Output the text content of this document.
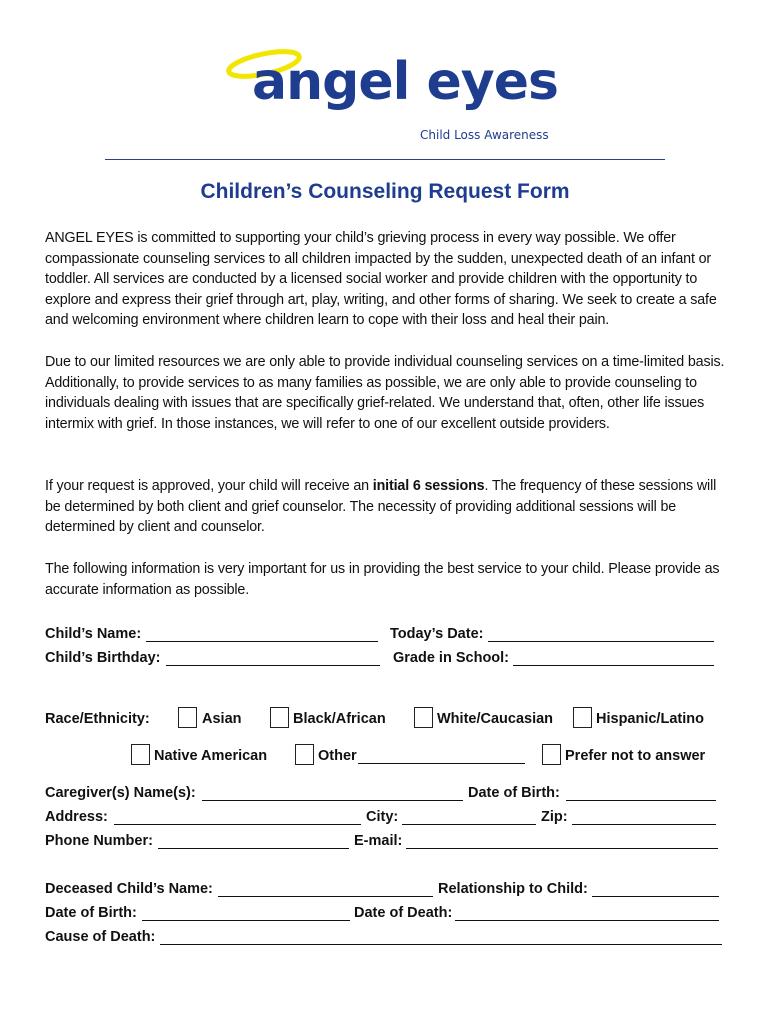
angel eyes
Child Loss Awareness
Children’s Counseling Request Form

ANGEL EYES is committed to supporting your child’s grieving process in every way possible. We offer compassionate counseling services to all children impacted by the sudden, unexpected death of an infant or toddler. All services are conducted by a licensed social worker and provide children with the opportunity to explore and express their grief through art, play, writing, and other forms of sharing. We seek to create a safe and welcoming environment where children learn to cope with their loss and heal their pain.

Due to our limited resources we are only able to provide individual counseling services on a time-limited basis. Additionally, to provide services to as many families as possible, we are only able to provide counseling to individuals dealing with issues that are specifically grief-related. We understand that, often, other life issues intermix with grief. In those instances, we will refer to one of our excellent outside providers.

If your request is approved, your child will receive an initial 6 sessions. The frequency of these sessions will be determined by both client and grief counselor. The necessity of providing additional sessions will be determined by client and counselor.

The following information is very important for us in providing the best service to your child. Please provide as accurate information as possible.

Child’s Name:	Today’s Date:
Child’s Birthday:	Grade in School:
Race/Ethnicity:	Asian	Black/African	White/Caucasian	Hispanic/Latino
Native American	Other	Prefer not to answer
Caregiver(s) Name(s):	Date of Birth:
Address:	City:	Zip:
Phone Number:	E-mail:
Deceased Child’s Name:	Relationship to Child:
Date of Birth:	Date of Death:
Cause of Death:
